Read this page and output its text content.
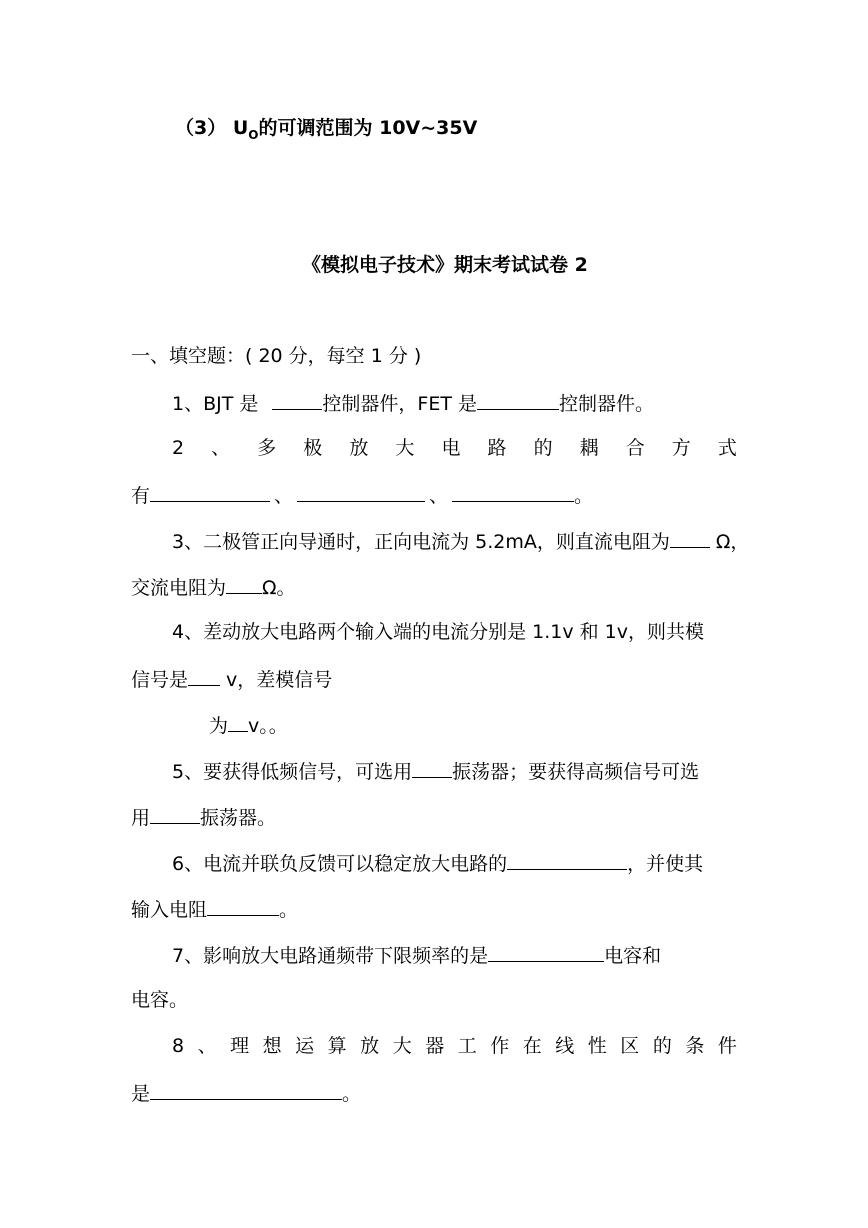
（3） $U_O$的可调范围为 10V~35V
《模拟电子技术》期末考试试卷 2
一、填空题：( 20 分，每空 1 分 )
1、BJT 是	控制器件，FET 是	控制器件。
2 、 多 极 放 大 电 路 的 耦 合 方 式
有	、	、	。
3、二极管正向导通时，正向电流为 5.2mA，则直流电阻为 Ω，
交流电阻为 Ω。
4、差动放大电路两个输入端的电流分别是 1.1v 和 1v，则共模
信号是 v，差模信号
为 v。。
5、要获得低频信号，可选用 振荡器；要获得高频信号可选
用	振荡器。
6、电流并联负反馈可以稳定放大电路的	，并使其
输入电阻	。
7、影响放大电路通频带下限频率的是	电容和
电容。
8 、 理 想 运 算 放 大 器 工 作 在 线 性 区 的 条 件
是	。
